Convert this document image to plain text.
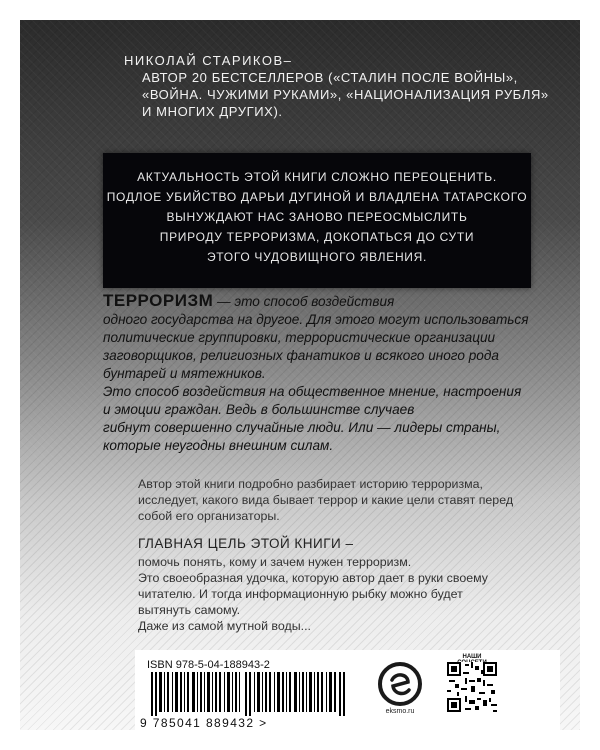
НИКОЛАЙ СТАРИКОВ–
АВТОР 20 БЕСТСЕЛЛЕРОВ («СТАЛИН ПОСЛЕ ВОЙНЫ»,
«ВОЙНА. ЧУЖИМИ РУКАМИ», «НАЦИОНАЛИЗАЦИЯ РУБЛЯ»
И МНОГИХ ДРУГИХ).
АКТУАЛЬНОСТЬ ЭТОЙ КНИГИ СЛОЖНО ПЕРЕОЦЕНИТЬ.
ПОДЛОЕ УБИЙСТВО ДАРЬИ ДУГИНОЙ И ВЛАДЛЕНА ТАТАРСКОГО
ВЫНУЖДАЮТ НАС ЗАНОВО ПЕРЕОСМЫСЛИТЬ
ПРИРОДУ ТЕРРОРИЗМА, ДОКОПАТЬСЯ ДО СУТИ
ЭТОГО ЧУДОВИЩНОГО ЯВЛЕНИЯ.
ТЕРРОРИЗМ — это способ воздействия
одного государства на другое. Для этого могут использоваться
политические группировки, террористические организации
заговорщиков, религиозных фанатиков и всякого иного рода
бунтарей и мятежников.
Это способ воздействия на общественное мнение, настроения
и эмоции граждан. Ведь в большинстве случаев
гибнут совершенно случайные люди. Или — лидеры страны,
которые неугодны внешним силам.
Автор этой книги подробно разбирает историю терроризма,
исследует, какого вида бывает террор и какие цели ставят перед
собой его организаторы.
ГЛАВНАЯ ЦЕЛЬ ЭТОЙ КНИГИ –
помочь понять, кому и зачем нужен терроризм.
Это своеобразная удочка, которую автор дает в руки своему
читателю. И тогда информационную рыбку можно будет
вытянуть самому.
Даже из самой мутной воды...
ISBN 978-5-04-188943-2
9 785041 889432 >
eksmo.ru
НАШИ
